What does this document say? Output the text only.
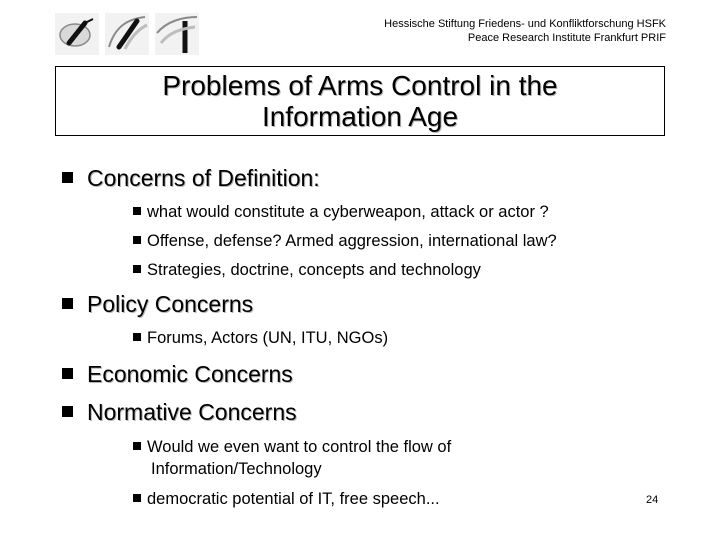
Hessische Stiftung Friedens- und Konfliktforschung HSFK
Peace Research Institute Frankfurt PRIF
Problems of Arms Control in the
Information Age
Concerns of Definition:
what would constitute a cyberweapon, attack or actor ?
Offense, defense? Armed aggression, international law?
Strategies, doctrine, concepts and technology
Policy Concerns
Forums, Actors (UN, ITU, NGOs)
Economic Concerns
Normative Concerns
Would we even want to control the flow of Information/Technology
democratic potential of IT, free speech...	24
